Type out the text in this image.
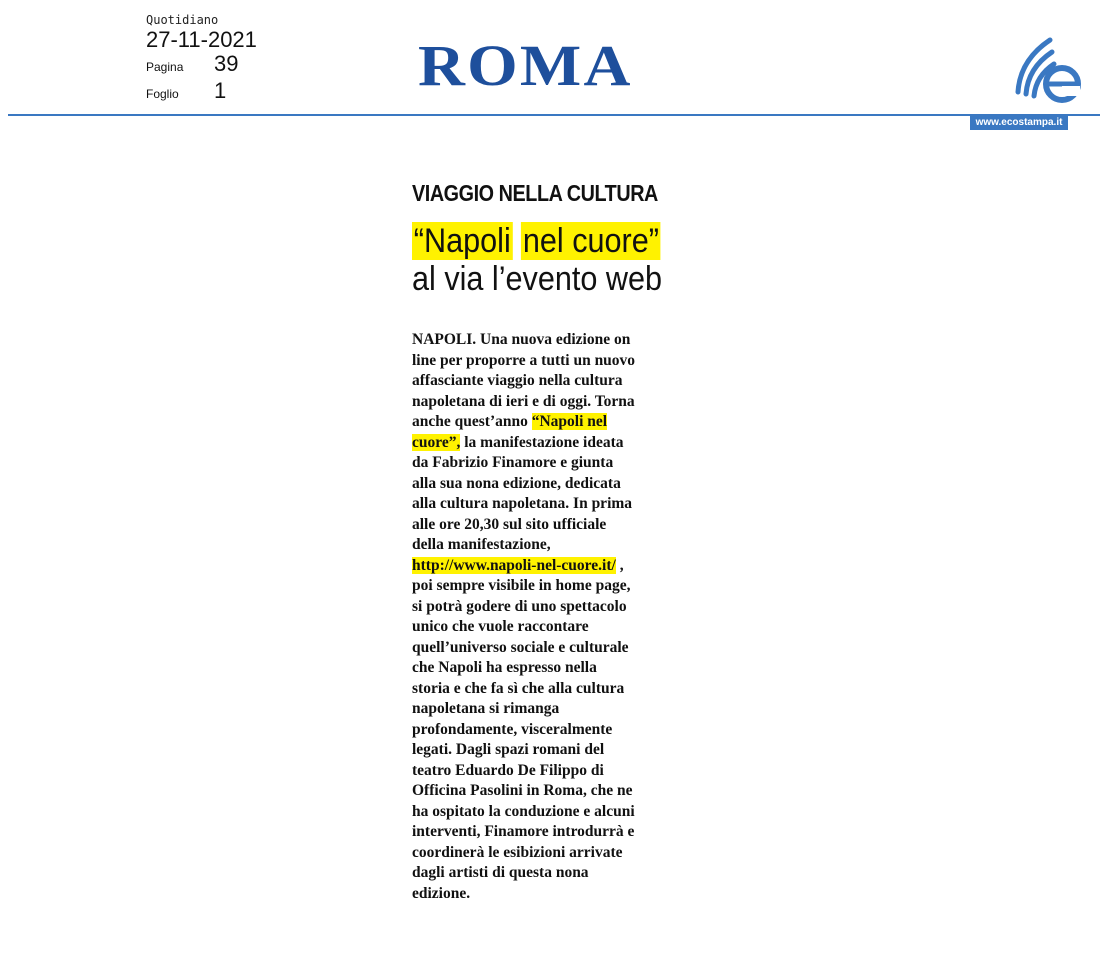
Quotidiano
27-11-2021
Pagina	39
Foglio	1	ROMA
www.ecostampa.it
VIAGGIO NELLA CULTURA
“Napoli nel cuore”
al via l’evento web
NAPOLI. Una nuova edizione on
line per proporre a tutti un nuovo
affasciante viaggio nella cultura
napoletana di ieri e di oggi. Torna
anche quest’anno “Napoli nel
cuore”, la manifestazione ideata
da Fabrizio Finamore e giunta
alla sua nona edizione, dedicata
alla cultura napoletana. In prima
alle ore 20,30 sul sito ufficiale
della manifestazione,
http://www.napoli-nel-cuore.it/ ,
poi sempre visibile in home page,
si potrà godere di uno spettacolo
unico che vuole raccontare
quell’universo sociale e culturale
che Napoli ha espresso nella
storia e che fa sì che alla cultura
napoletana si rimanga
profondamente, visceralmente
legati. Dagli spazi romani del
teatro Eduardo De Filippo di
Officina Pasolini in Roma, che ne
ha ospitato la conduzione e alcuni
interventi, Finamore introdurrà e
coordinerà le esibizioni arrivate
dagli artisti di questa nona
edizione.
